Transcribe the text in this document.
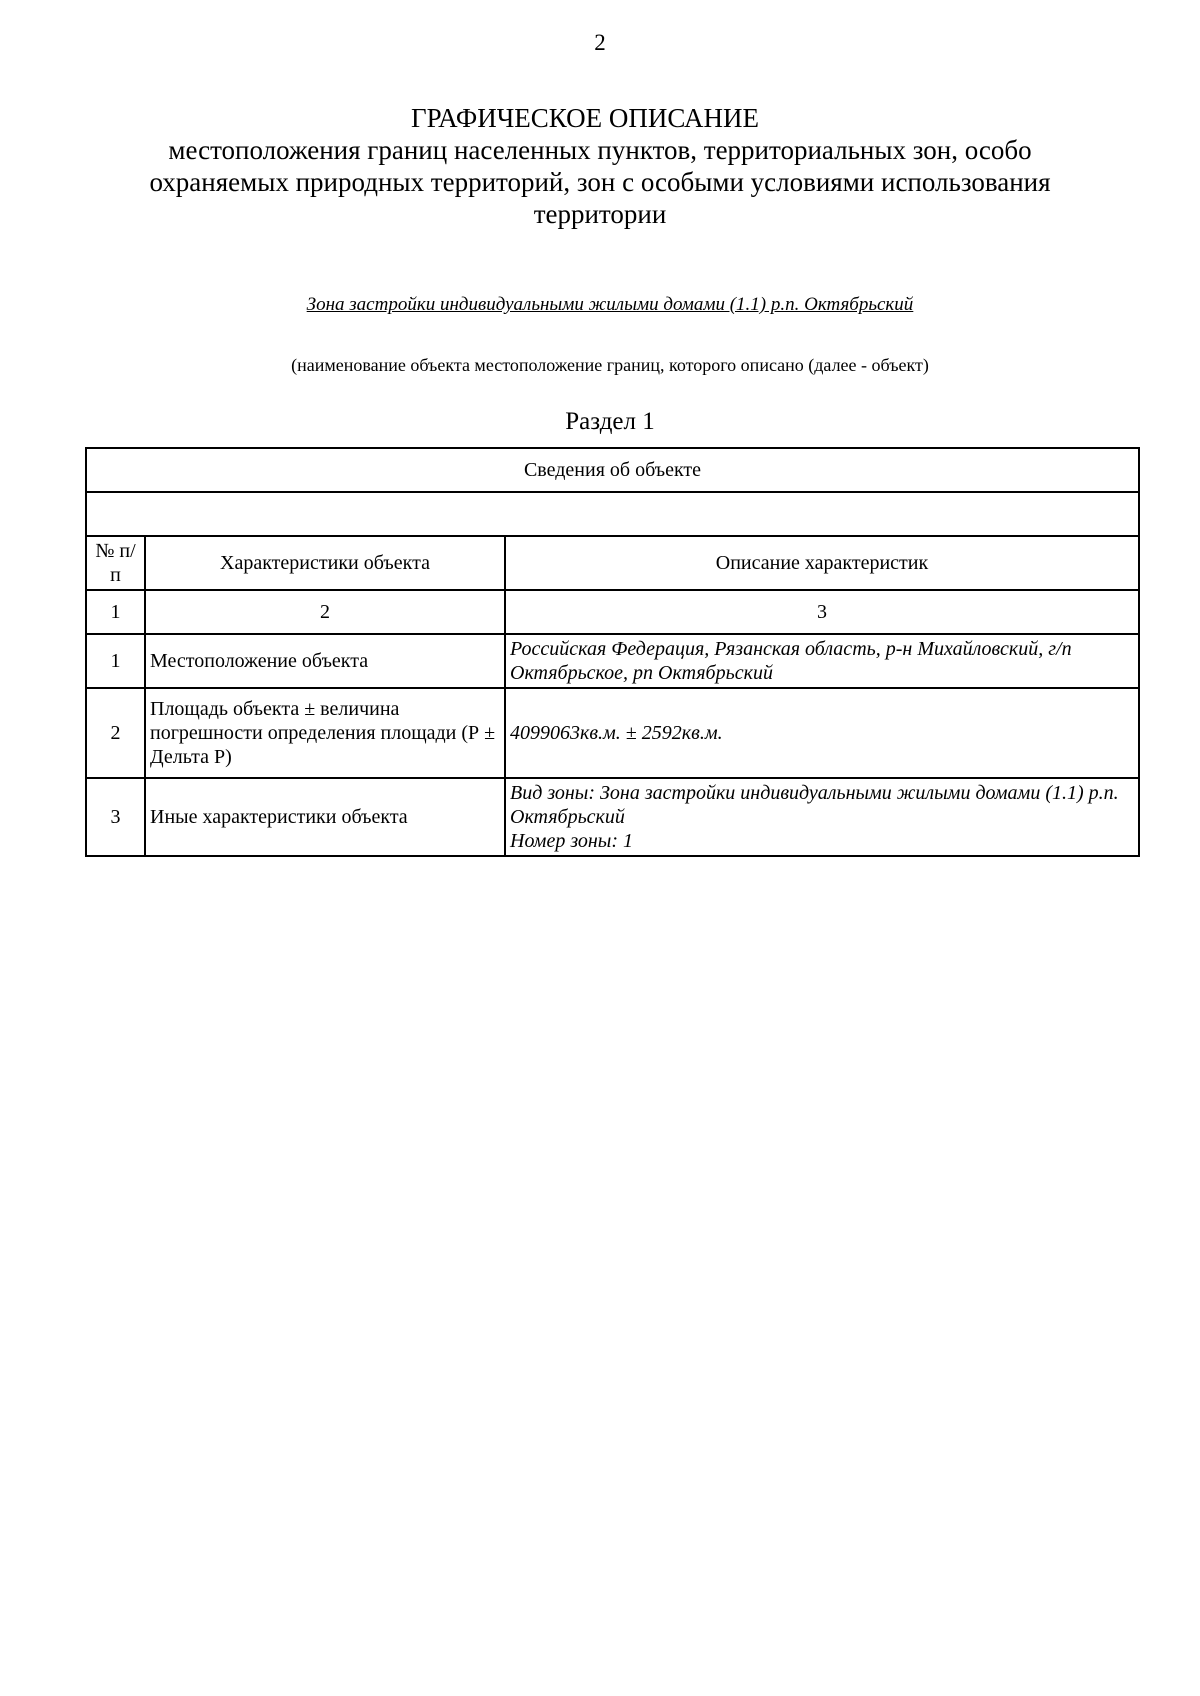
2
ГРАФИЧЕСКОЕ ОПИСАНИЕ
местоположения границ населенных пунктов, территориальных зон, особо охраняемых природных территорий, зон с особыми условиями использования территории
Зона застройки индивидуальными жилыми домами (1.1) р.п. Октябрьский
(наименование объекта местоположение границ, которого описано (далее - объект)
Раздел 1
Сведения об объекте		

№ п/п	Характеристики объекта	Описание характеристик
1	2	3
1	Местоположение объекта	Российская Федерация, Рязанская область, р-н Михайловский, г/п Октябрьское, рп Октябрьский
2	Площадь объекта ± величина погрешности определения площади (Р ± Дельта Р)	4099063кв.м. ± 2592кв.м.
3	Иные характеристики объекта	Вид зоны: Зона застройки индивидуальными жилыми домами (1.1) р.п. Октябрьский
Номер зоны: 1
